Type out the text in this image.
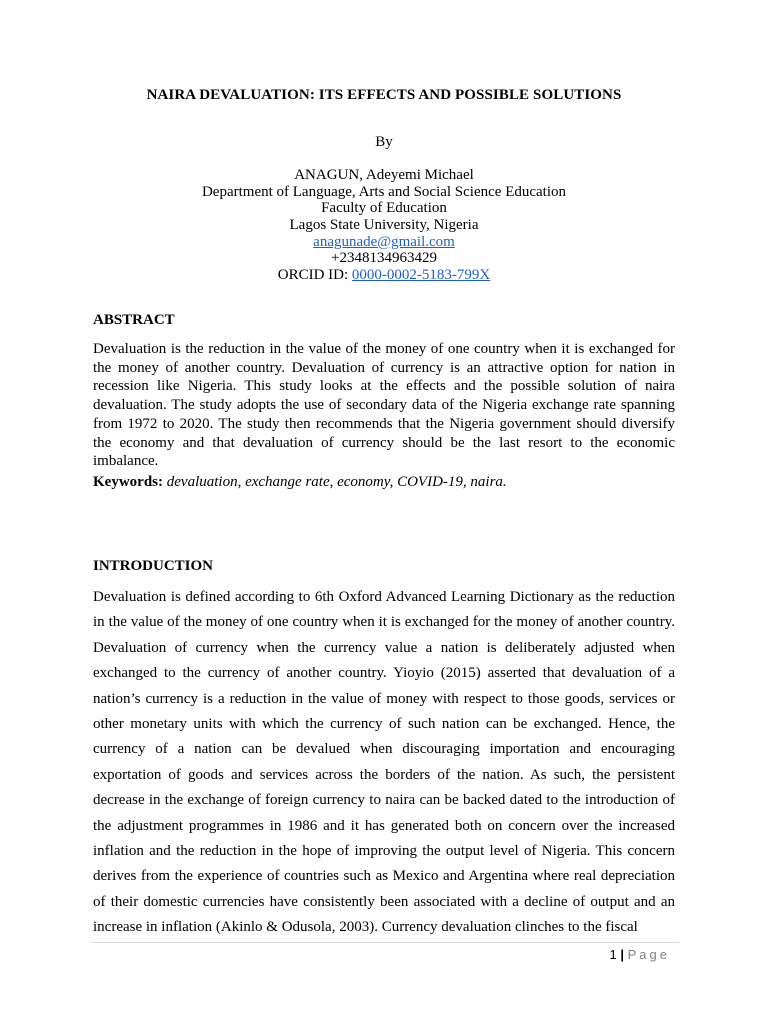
NAIRA DEVALUATION: ITS EFFECTS AND POSSIBLE SOLUTIONS
By
ANAGUN, Adeyemi Michael
Department of Language, Arts and Social Science Education
Faculty of Education
Lagos State University, Nigeria
anagunade@gmail.com
+2348134963429
ORCID ID: 0000-0002-5183-799X
ABSTRACT
Devaluation is the reduction in the value of the money of one country when it is exchanged for the money of another country. Devaluation of currency is an attractive option for nation in recession like Nigeria. This study looks at the effects and the possible solution of naira devaluation. The study adopts the use of secondary data of the Nigeria exchange rate spanning from 1972 to 2020. The study then recommends that the Nigeria government should diversify the economy and that devaluation of currency should be the last resort to the economic imbalance.
Keywords: devaluation, exchange rate, economy, COVID-19, naira.
INTRODUCTION
Devaluation is defined according to 6th Oxford Advanced Learning Dictionary as the reduction in the value of the money of one country when it is exchanged for the money of another country. Devaluation of currency when the currency value a nation is deliberately adjusted when exchanged to the currency of another country. Yioyio (2015) asserted that devaluation of a nation’s currency is a reduction in the value of money with respect to those goods, services or other monetary units with which the currency of such nation can be exchanged. Hence, the currency of a nation can be devalued when discouraging importation and encouraging exportation of goods and services across the borders of the nation. As such, the persistent decrease in the exchange of foreign currency to naira can be backed dated to the introduction of the adjustment programmes in 1986 and it has generated both on concern over the increased inflation and the reduction in the hope of improving the output level of Nigeria. This concern derives from the experience of countries such as Mexico and Argentina where real depreciation of their domestic currencies have consistently been associated with a decline of output and an increase in inflation (Akinlo & Odusola, 2003). Currency devaluation clinches to the fiscal
1 | Page
